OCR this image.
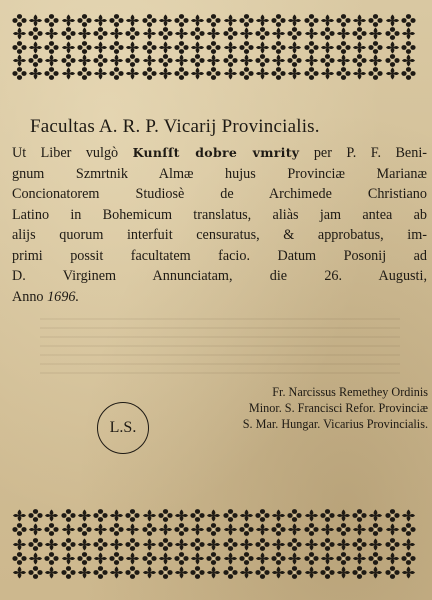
Facultas A. R. P. Vicarij Provincialis.
Ut Liber vulgò Kunſſt dobre vmrity per P. F. Beni-
gnum Szmrtnik Almæ hujus Provinciæ Marianæ
Concionatorem Studiosè de Archimede Christiano
Latino in Bohemicum translatus, aliàs jam antea ab
alijs quorum interfuit censuratus, & approbatus, im-
primi possit facultatem facio. Datum Posonij ad
D. Virginem Annunciatam, die 26. Augusti,
Anno 1696.
L.S.
Fr. Narcissus Remethey Ordinis
Minor. S. Francisci Refor. Provinciæ
S. Mar. Hungar. Vicarius Provincialis.
